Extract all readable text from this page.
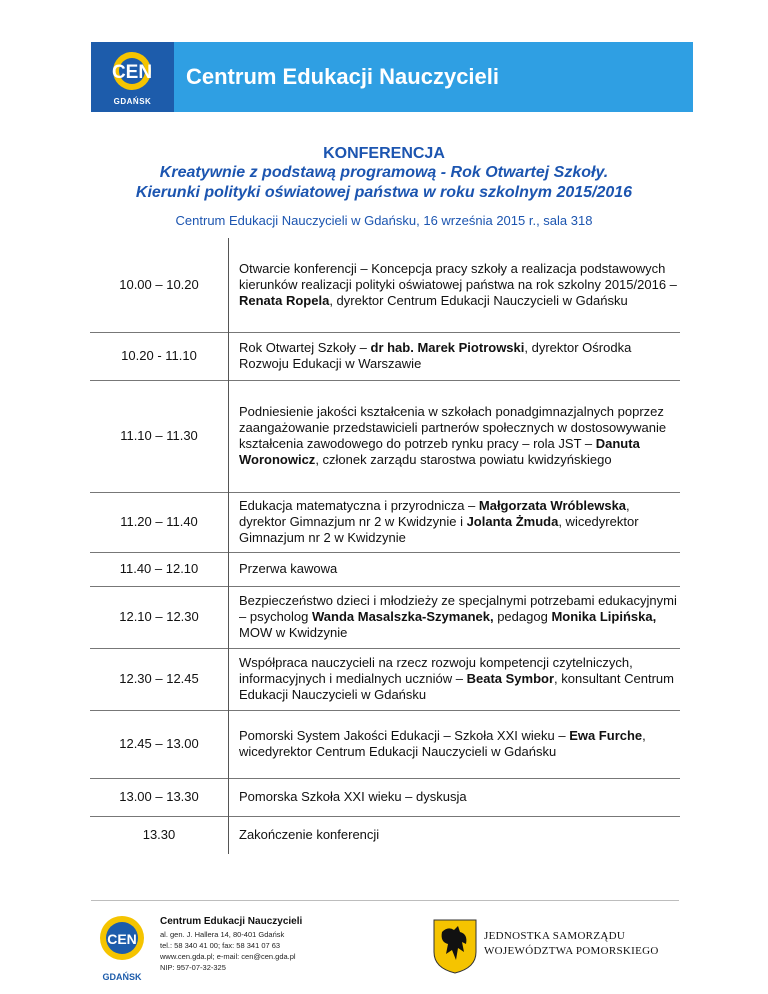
CEN
GDAŃSK
Centrum Edukacji Nauczycieli
KONFERENCJA
Kreatywnie z podstawą programową - Rok Otwartej Szkoły.
Kierunki polityki oświatowej państwa w roku szkolnym 2015/2016
Centrum Edukacji Nauczycieli w Gdańsku, 16 września 2015 r., sala 318
10.00 – 10.20	Otwarcie konferencji – Koncepcja pracy szkoły a realizacja podstawowych kierunków realizacji polityki oświatowej państwa na rok szkolny 2015/2016 – Renata Ropela, dyrektor Centrum Edukacji Nauczycieli w Gdańsku
10.20 - 11.10	Rok Otwartej Szkoły – dr hab. Marek Piotrowski, dyrektor Ośrodka Rozwoju Edukacji w Warszawie
11.10 – 11.30	Podniesienie jakości kształcenia w szkołach ponadgimnazjalnych poprzez zaangażowanie przedstawicieli partnerów społecznych w dostosowywanie kształcenia zawodowego do potrzeb rynku pracy – rola JST – Danuta Woronowicz, członek zarządu starostwa powiatu kwidzyńskiego
11.20 – 11.40	Edukacja matematyczna i przyrodnicza – Małgorzata Wróblewska, dyrektor Gimnazjum nr 2 w Kwidzynie i Jolanta Żmuda, wicedyrektor Gimnazjum nr 2 w Kwidzynie
11.40 – 12.10	Przerwa kawowa
12.10 – 12.30	Bezpieczeństwo dzieci i młodzieży ze specjalnymi potrzebami edukacyjnymi – psycholog Wanda Masalszka-Szymanek, pedagog Monika Lipińska, MOW w Kwidzynie
12.30 – 12.45	Współpraca nauczycieli na rzecz rozwoju kompetencji czytelniczych, informacyjnych i medialnych uczniów – Beata Symbor, konsultant Centrum Edukacji Nauczycieli w Gdańsku
12.45 – 13.00	Pomorski System Jakości Edukacji – Szkoła XXI wieku – Ewa Furche, wicedyrektor Centrum Edukacji Nauczycieli w Gdańsku
13.00 – 13.30	Pomorska Szkoła XXI wieku – dyskusja
13.30	Zakończenie konferencji
CEN
GDAŃSK
Centrum Edukacji Nauczycieli
al. gen. J. Hallera 14, 80-401 Gdańsk
tel.: 58 340 41 00; fax: 58 341 07 63
www.cen.gda.pl; e-mail: cen@cen.gda.pl
NIP: 957-07-32-325
JEDNOSTKA SAMORZĄDU
WOJEWÓDZTWA POMORSKIEGO
